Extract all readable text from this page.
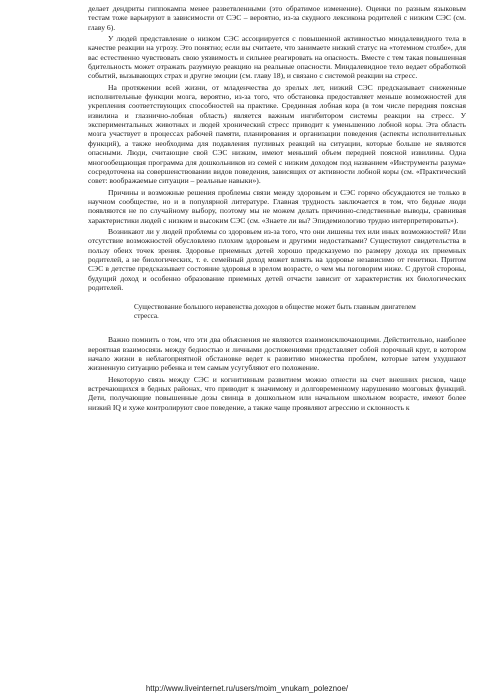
делает дендриты гиппокампа менее разветвленными (это обратимое изменение). Оценки по разным языковым тестам тоже варьируют в зависимости от СЭС – вероятно, из-за скудного лексикона родителей с низким СЭС (см. главу 6).

У людей представление о низком СЭС ассоциируется с повышенной активностью миндалевидного тела в качестве реакции на угрозу. Это понятно; если вы считаете, что занимаете низкий статус на «тотемном столбе», для вас естественно чувствовать свою уязвимость и сильнее реагировать на опасность. Вместе с тем такая повышенная бдительность может отражать разумную реакцию на реальные опасности. Миндалевидное тело ведает обработкой событий, вызывающих страх и другие эмоции (см. главу 18), и связано с системой реакции на стресс.

На протяжении всей жизни, от младенчества до зрелых лет, низкий СЭС предсказывает сниженные исполнительные функции мозга, вероятно, из-за того, что обстановка предоставляет меньше возможностей для укрепления соответствующих способностей на практике. Срединная лобная кора (в том числе передняя поясная извилина и глазнично-лобная область) является важным ингибитором системы реакции на стресс. У экспериментальных животных и людей хронический стресс приводит к уменьшению лобной коры. Эта область мозга участвует в процессах рабочей памяти, планирования и организации поведения (аспекты исполнительных функций), а также необходима для подавления пугливых реакций на ситуации, которые больше не являются опасными. Люди, считающие свой СЭС низким, имеют меньший объем передней поясной извилины. Одна многообещающая программа для дошкольников из семей с низким доходом под названием «Инструменты разума» сосредоточена на совершенствовании видов поведения, зависящих от активности лобной коры (см. «Практический совет: воображаемые ситуации – реальные навыки»).

Причины и возможные решения проблемы связи между здоровьем и СЭС горячо обсуждаются не только в научном сообществе, но и в популярной литературе. Главная трудность заключается в том, что бедные люди появляются не по случайному выбору, поэтому мы не можем делать причинно-следственные выводы, сравнивая характеристики людей с низким и высоким СЭС (см. «Знаете ли вы? Эпидемиологию трудно интерпретировать»).

Возникают ли у людей проблемы со здоровьем из-за того, что они лишены тех или иных возможностей? Или отсутствие возможностей обусловлено плохим здоровьем и другими недостатками? Существуют свидетельства в пользу обеих точек зрения. Здоровье приемных детей хорошо предсказуемо по размеру дохода их приемных родителей, а не биологических, т. е. семейный доход может влиять на здоровье независимо от генетики. Притом СЭС в детстве предсказывает состояние здоровья в зрелом возрасте, о чем мы поговорим ниже. С другой стороны, будущий доход и особенно образование приемных детей отчасти зависит от характеристик их биологических родителей.

Существование большого неравенства доходов в обществе может быть главным двигателем стресса.

Важно помнить о том, что эти два объяснения не являются взаимоисключающими. Действительно, наиболее вероятная взаимосвязь между бедностью и личными достижениями представляет собой порочный круг, в котором начало жизни в неблагоприятной обстановке ведет к развитию множества проблем, которые затем ухудшают жизненную ситуацию ребенка и тем самым усугубляют его положение.

Некоторую связь между СЭС и когнитивным развитием можно отнести на счет внешних рисков, чаще встречающихся в бедных районах, что приводит к значимому и долговременному нарушению мозговых функций. Дети, получающие повышенные дозы свинца в дошкольном или начальном школьном возрасте, имеют более низкий IQ и хуже контролируют свое поведение, а также чаще проявляют агрессию и склонность к

http://www.liveinternet.ru/users/moim_vnukam_poleznoe/
